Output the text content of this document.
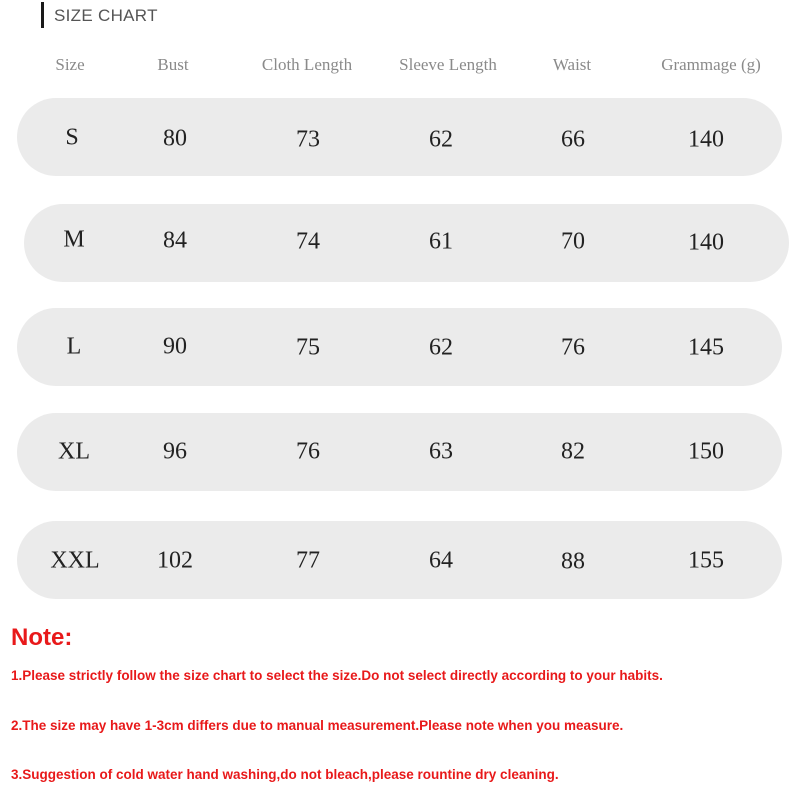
SIZE CHART
Size	Bust	Cloth Length	Sleeve Length	Waist	Grammage (g)
S	80	73	62	66	140
M	84	74	61	70	140
L	90	75	62	76	145
XL	96	76	63	82	150
XXL 102	77	64	88	155
Note:
1.Please strictly follow the size chart to select the size.Do not select directly according to your habits.
2.The size may have 1-3cm differs due to manual measurement.Please note when you measure.
3.Suggestion of cold water hand washing,do not bleach,please rountine dry cleaning.
